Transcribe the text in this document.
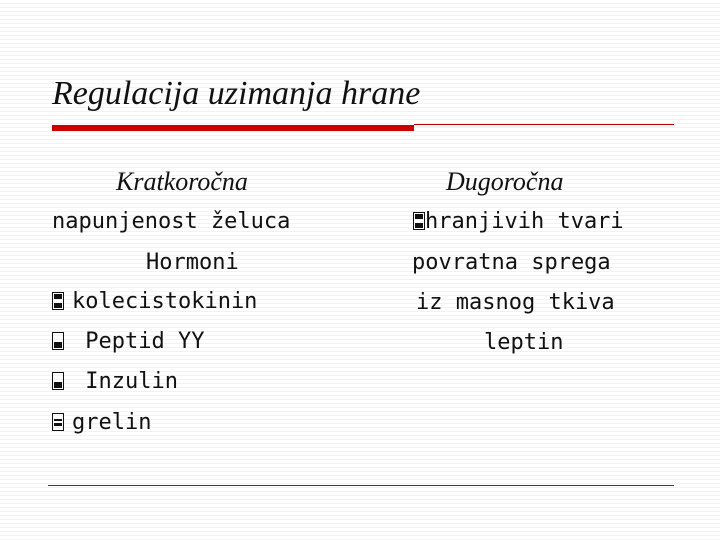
Regulacija uzimanja hrane
Kratkoročna	Dugoročna
napunjenost želuca
Hormoni
kolecistokinin
Peptid YY
Inzulin
grelin
hranjivih tvari
povratna sprega
iz masnog tkiva
leptin
